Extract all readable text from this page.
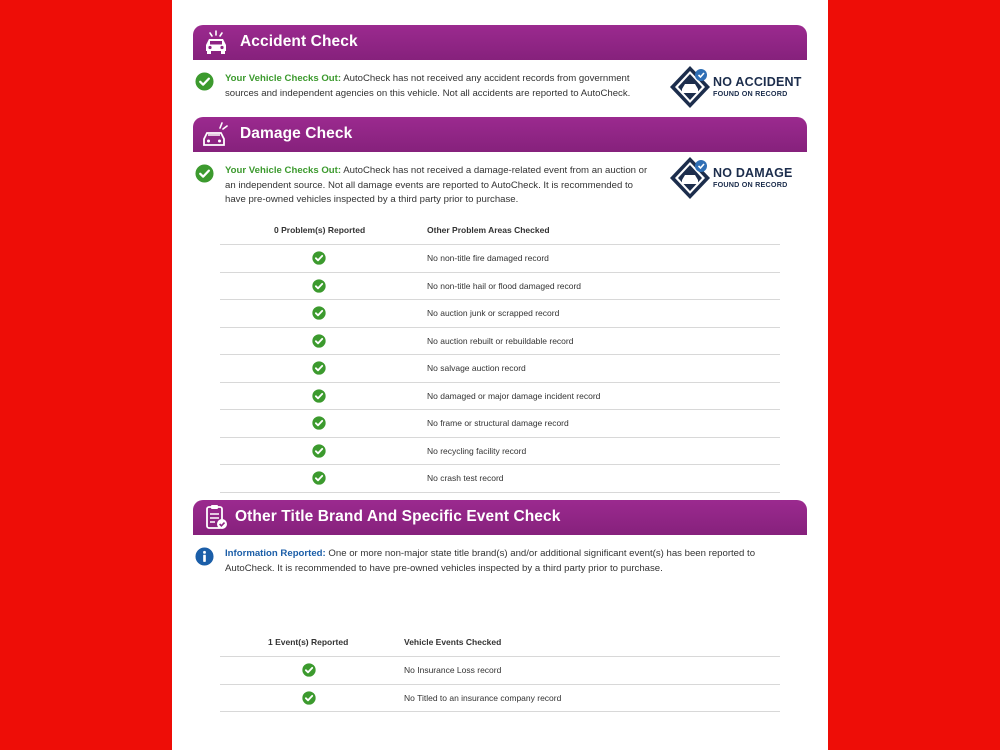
Accident Check
Your Vehicle Checks Out: AutoCheck has not received any accident records from government sources and independent agencies on this vehicle. Not all accidents are reported to AutoCheck.
NO ACCIDENT
FOUND ON RECORD
Damage Check
Your Vehicle Checks Out: AutoCheck has not received a damage-related event from an auction or an independent source. Not all damage events are reported to AutoCheck. It is recommended to have pre-owned vehicles inspected by a third party prior to purchase.
NO DAMAGE
FOUND ON RECORD
0 Problem(s) Reported	Other Problem Areas Checked
No non-title fire damaged record
No non-title hail or flood damaged record
No auction junk or scrapped record
No auction rebuilt or rebuildable record
No salvage auction record
No damaged or major damage incident record
No frame or structural damage record
No recycling facility record
No crash test record
Other Title Brand And Specific Event Check
Information Reported: One or more non-major state title brand(s) and/or additional significant event(s) has been reported to AutoCheck. It is recommended to have pre-owned vehicles inspected by a third party prior to purchase.
1 Event(s) Reported	Vehicle Events Checked
No Insurance Loss record
No Titled to an insurance company record
